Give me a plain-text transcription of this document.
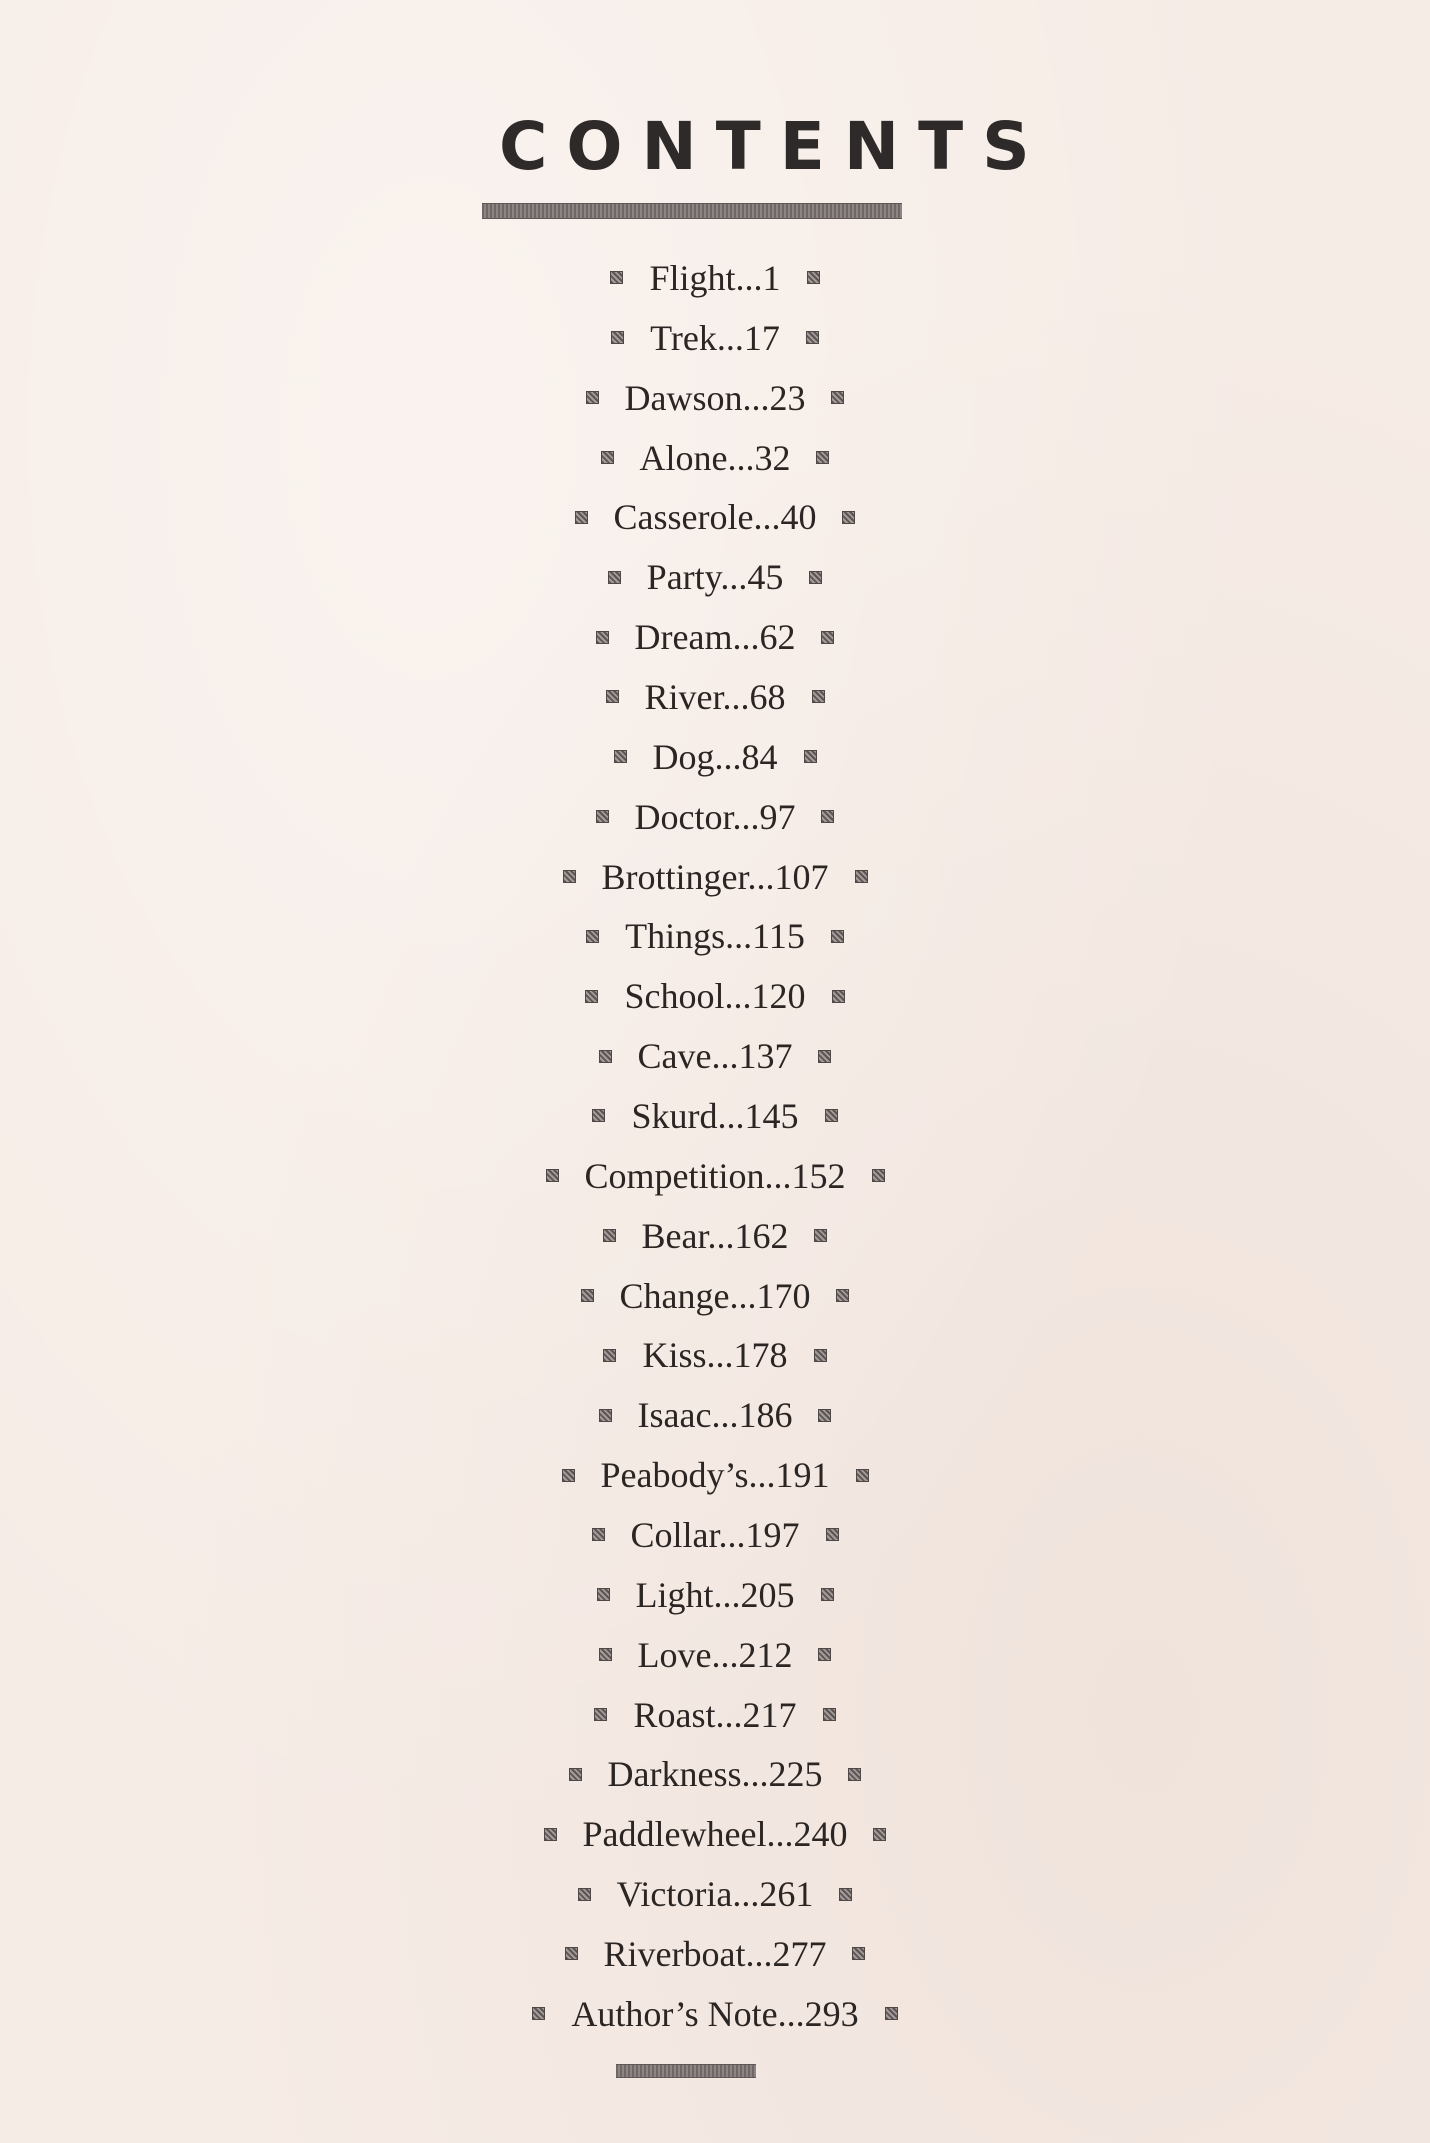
CONTENTS
Flight...1
Trek...17
Dawson...23
Alone...32
Casserole...40
Party...45
Dream...62
River...68
Dog...84
Doctor...97
Brottinger...107
Things...115
School...120
Cave...137
Skurd...145
Competition...152
Bear...162
Change...170
Kiss...178
Isaac...186
Peabody’s...191
Collar...197
Light...205
Love...212
Roast...217
Darkness...225
Paddlewheel...240
Victoria...261
Riverboat...277
Author’s Note...293
